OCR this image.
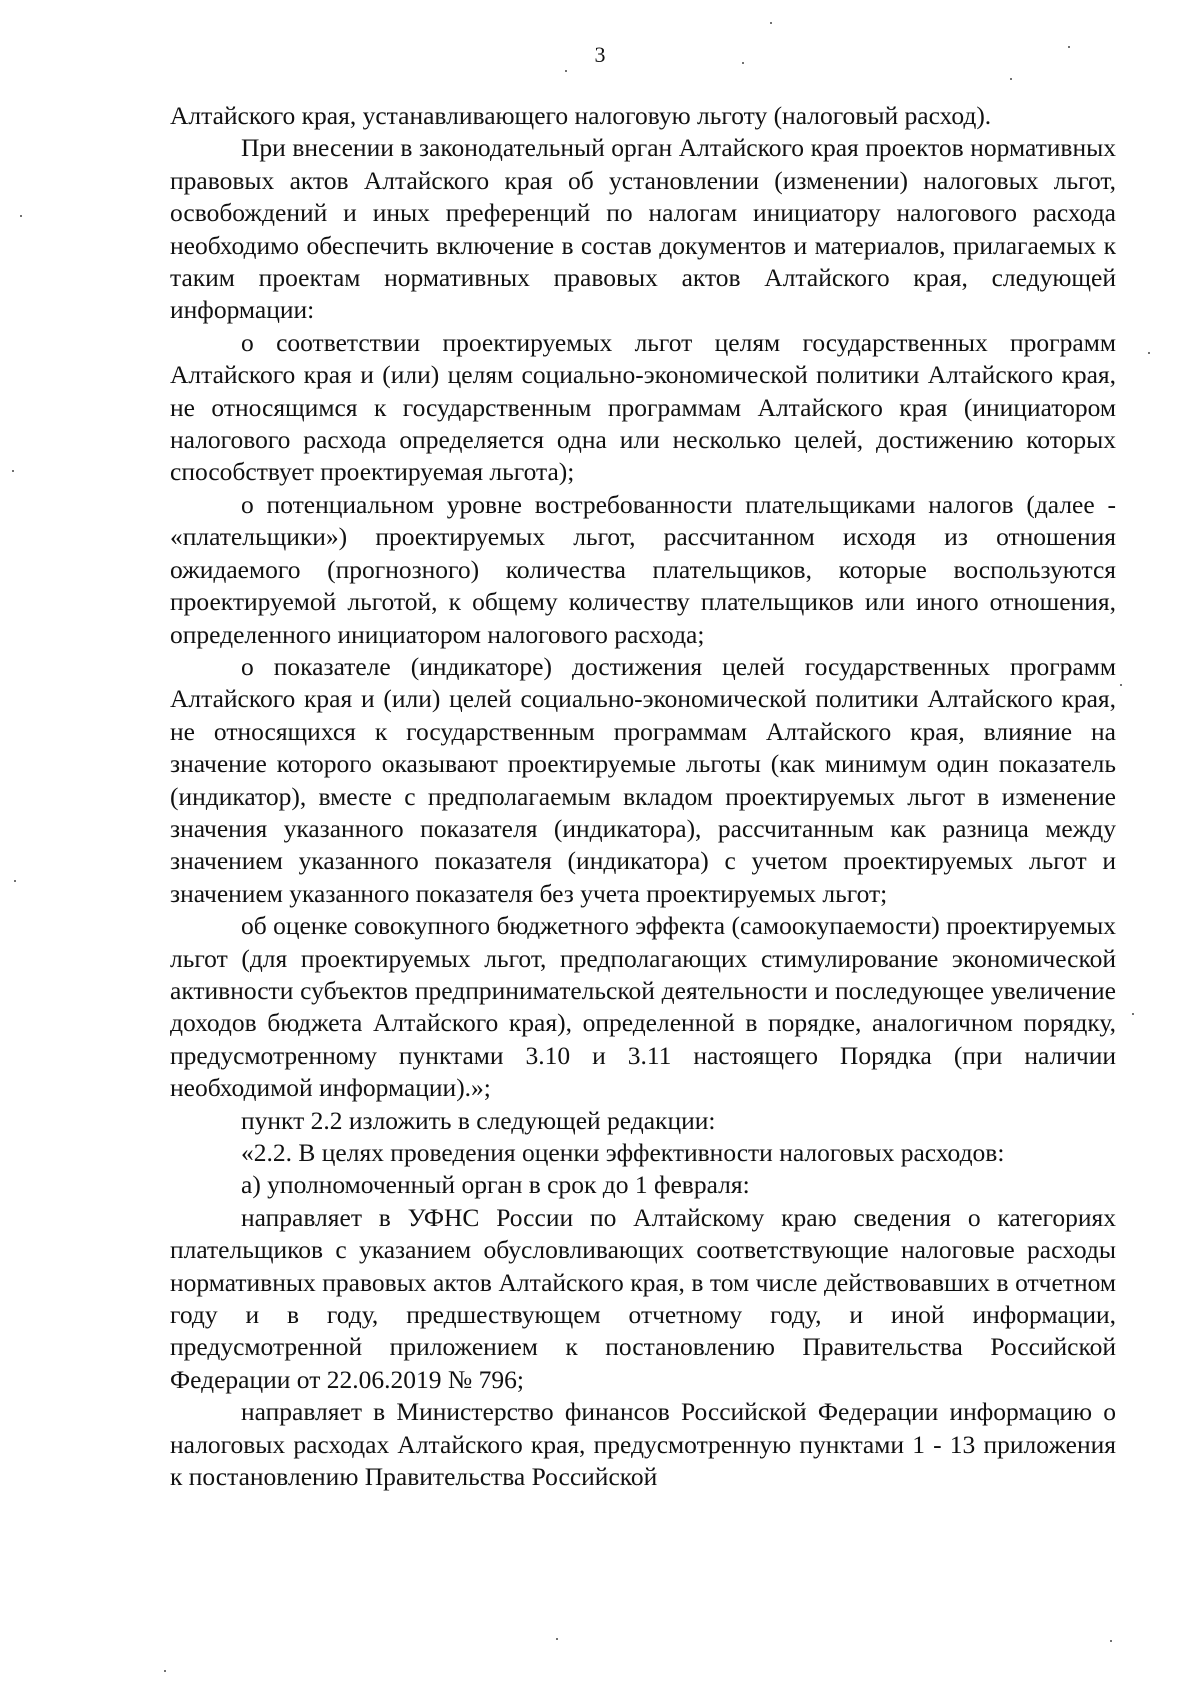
3

Алтайского края, устанавливающего налоговую льготу (налоговый расход).

При внесении в законодательный орган Алтайского края проектов нормативных правовых актов Алтайского края об установлении (изменении) налоговых льгот, освобождений и иных преференций по налогам инициатору налогового расхода необходимо обеспечить включение в состав документов и материалов, прилагаемых к таким проектам нормативных правовых актов Алтайского края, следующей информации:

о соответствии проектируемых льгот целям государственных программ Алтайского края и (или) целям социально-экономической политики Алтайского края, не относящимся к государственным программам Алтайского края (инициатором налогового расхода определяется одна или несколько целей, достижению которых способствует проектируемая льгота);

о потенциальном уровне востребованности плательщиками налогов (далее - «плательщики») проектируемых льгот, рассчитанном исходя из отношения ожидаемого (прогнозного) количества плательщиков, которые воспользуются проектируемой льготой, к общему количеству плательщиков или иного отношения, определенного инициатором налогового расхода;

о показателе (индикаторе) достижения целей государственных программ Алтайского края и (или) целей социально-экономической политики Алтайского края, не относящихся к государственным программам Алтайского края, влияние на значение которого оказывают проектируемые льготы (как минимум один показатель (индикатор), вместе с предполагаемым вкладом проектируемых льгот в изменение значения указанного показателя (индикатора), рассчитанным как разница между значением указанного показателя (индикатора) с учетом проектируемых льгот и значением указанного показателя без учета проектируемых льгот;

об оценке совокупного бюджетного эффекта (самоокупаемости) проектируемых льгот (для проектируемых льгот, предполагающих стимулирование экономической активности субъектов предпринимательской деятельности и последующее увеличение доходов бюджета Алтайского края), определенной в порядке, аналогичном порядку, предусмотренному пунктами 3.10 и 3.11 настоящего Порядка (при наличии необходимой информации).»;

пункт 2.2 изложить в следующей редакции:

«2.2. В целях проведения оценки эффективности налоговых расходов:

а) уполномоченный орган в срок до 1 февраля:

направляет в УФНС России по Алтайскому краю сведения о категориях плательщиков с указанием обусловливающих соответствующие налоговые расходы нормативных правовых актов Алтайского края, в том числе действовавших в отчетном году и в году, предшествующем отчетному году, и иной информации, предусмотренной приложением к постановлению Правительства Российской Федерации от 22.06.2019 № 796;

направляет в Министерство финансов Российской Федерации информацию о налоговых расходах Алтайского края, предусмотренную пунктами 1 - 13 приложения к постановлению Правительства Российской
